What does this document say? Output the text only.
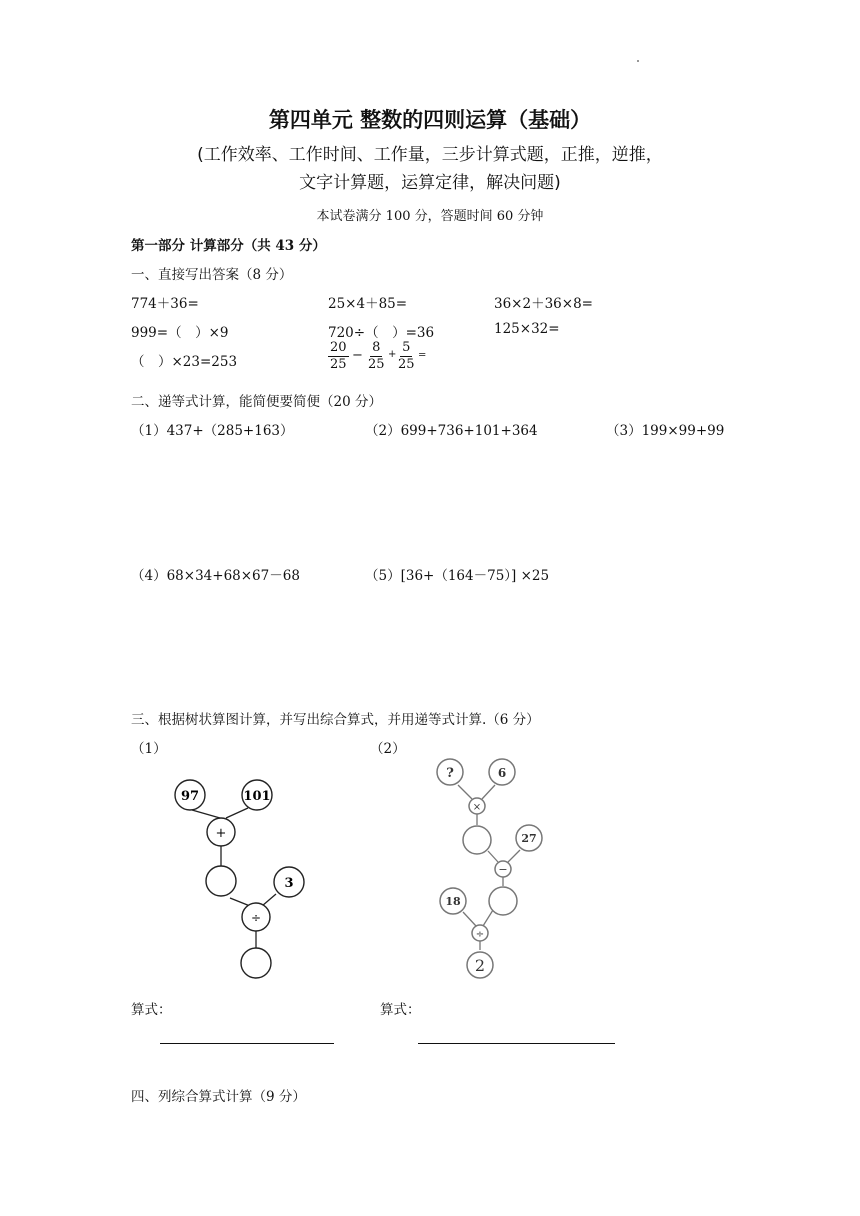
第四单元 整数的四则运算（基础）
(工作效率、工作时间、工作量，三步计算式题，正推，逆推，
文字计算题，运算定律，解决问题)
本试卷满分 100 分，答题时间 60 分钟
第一部分 计算部分（共 43 分）
一、直接写出答案（8 分）
774＋36=	25×4＋85=	36×2＋36×8=
999=（　）×9	720÷（　）=36	125×32=
（　）×23=253	$\frac{20}{25} - \frac{8}{25} + \frac{5}{25}$ =
二、递等式计算，能简便要简便（20 分）
（1）437+（285+163）	（2）699+736+101+364	（3）199×99+99
（4）68×34+68×67－68	（5）[36+（164－75）] ×25
三、根据树状算图计算，并写出综合算式，并用递等式计算.（6 分）
（1）	（2）
97	101
+
3
÷
?	6
×
27
−
18
÷
2
算式：	算式：
四、列综合算式计算（9 分）
